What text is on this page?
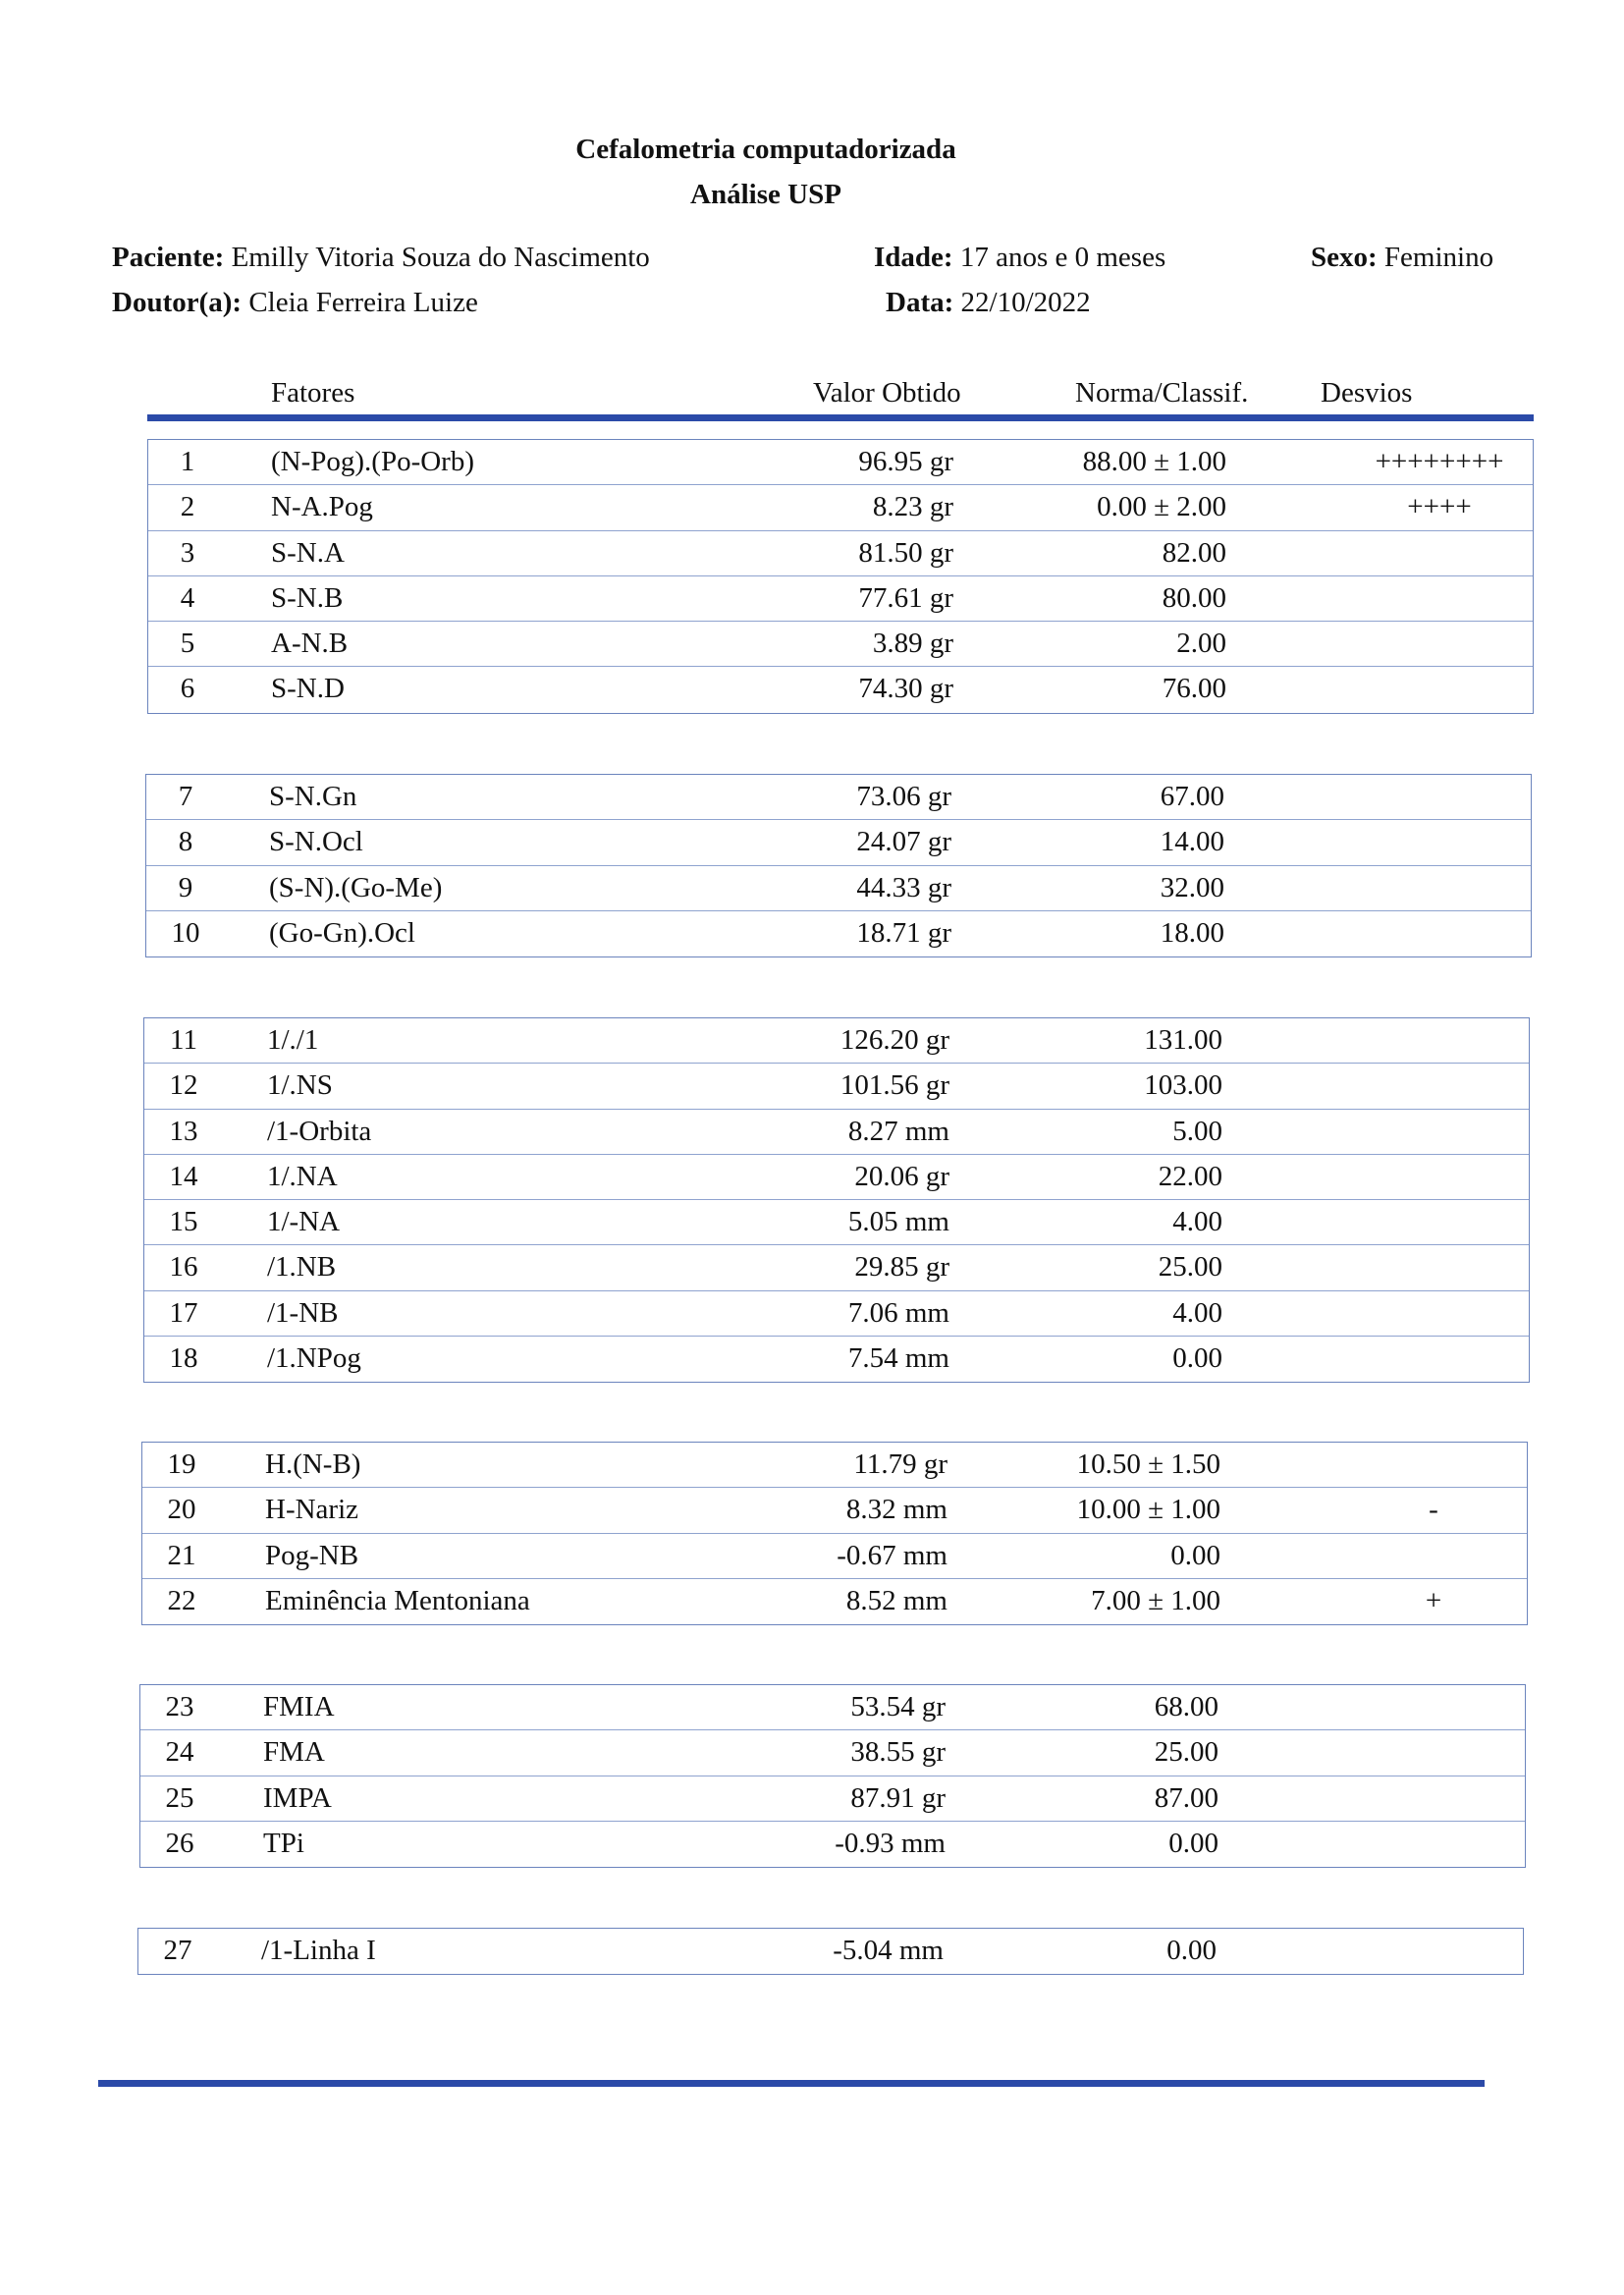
Cefalometria computadorizada
Análise USP
Paciente: Emilly Vitoria Souza do Nascimento	Idade: 17 anos e 0 meses	Sexo: Feminino
Doutor(a): Cleia Ferreira Luize	Data: 22/10/2022
Fatores	Valor Obtido	Norma/Classif.	Desvios
1	(N-Pog).(Po-Orb)	96.95 gr	88.00 ± 1.00	++++++++
2	N-A.Pog	8.23 gr	0.00 ± 2.00	++++
3	S-N.A	81.50 gr	82.00
4	S-N.B	77.61 gr	80.00
5	A-N.B	3.89 gr	2.00
6	S-N.D	74.30 gr	76.00
7	S-N.Gn	73.06 gr	67.00
8	S-N.Ocl	24.07 gr	14.00
9	(S-N).(Go-Me)	44.33 gr	32.00
10	(Go-Gn).Ocl	18.71 gr	18.00
11	1/./1	126.20 gr	131.00
12	1/.NS	101.56 gr	103.00
13	/1-Orbita	8.27 mm	5.00
14	1/.NA	20.06 gr	22.00
15	1/-NA	5.05 mm	4.00
16	/1.NB	29.85 gr	25.00
17	/1-NB	7.06 mm	4.00
18	/1.NPog	7.54 mm	0.00
19	H.(N-B)	11.79 gr	10.50 ± 1.50
20	H-Nariz	8.32 mm	10.00 ± 1.00	-
21	Pog-NB	-0.67 mm	0.00
22	Eminência Mentoniana	8.52 mm	7.00 ± 1.00	+
23	FMIA	53.54 gr	68.00
24	FMA	38.55 gr	25.00
25	IMPA	87.91 gr	87.00
26	TPi	-0.93 mm	0.00
27	/1-Linha I	-5.04 mm	0.00
